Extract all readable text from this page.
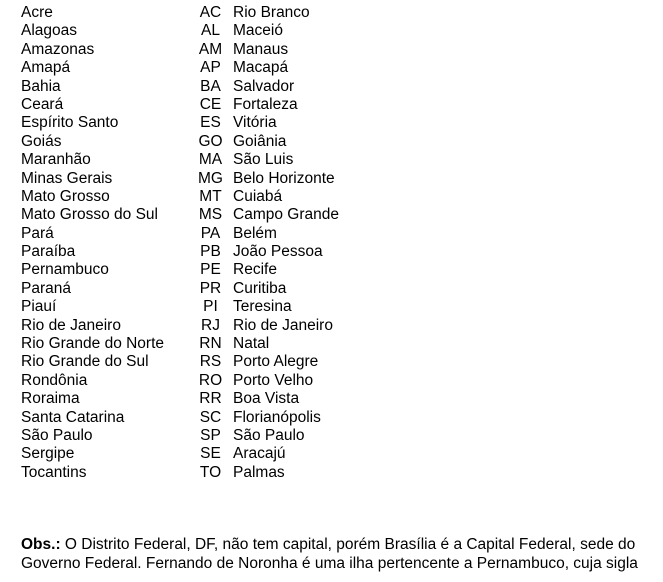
Acre	AC Rio Branco
Alagoas	AL Maceió
Amazonas	AM Manaus
Amapá	AP Macapá
Bahia	BA Salvador
Ceará	CE Fortaleza
Espírito Santo	ES Vitória
Goiás	GO Goiânia
Maranhão	MA São Luis
Minas Gerais	MG Belo Horizonte
Mato Grosso	MT Cuiabá
Mato Grosso do Sul	MS Campo Grande
Pará	PA Belém
Paraíba	PB João Pessoa
Pernambuco	PE Recife
Paraná	PR Curitiba
Piauí	PI Teresina
Rio de Janeiro	RJ Rio de Janeiro
Rio Grande do Norte	RN Natal
Rio Grande do Sul	RS Porto Alegre
Rondônia	RO Porto Velho
Roraima	RR Boa Vista
Santa Catarina	SC Florianópolis
São Paulo	SP São Paulo
Sergipe	SE Aracajú
Tocantins	TO Palmas
Obs.: O Distrito Federal, DF, não tem capital, porém Brasília é a Capital Federal, sede do
Governo Federal. Fernando de Noronha é uma ilha pertencente a Pernambuco, cuja sigla
